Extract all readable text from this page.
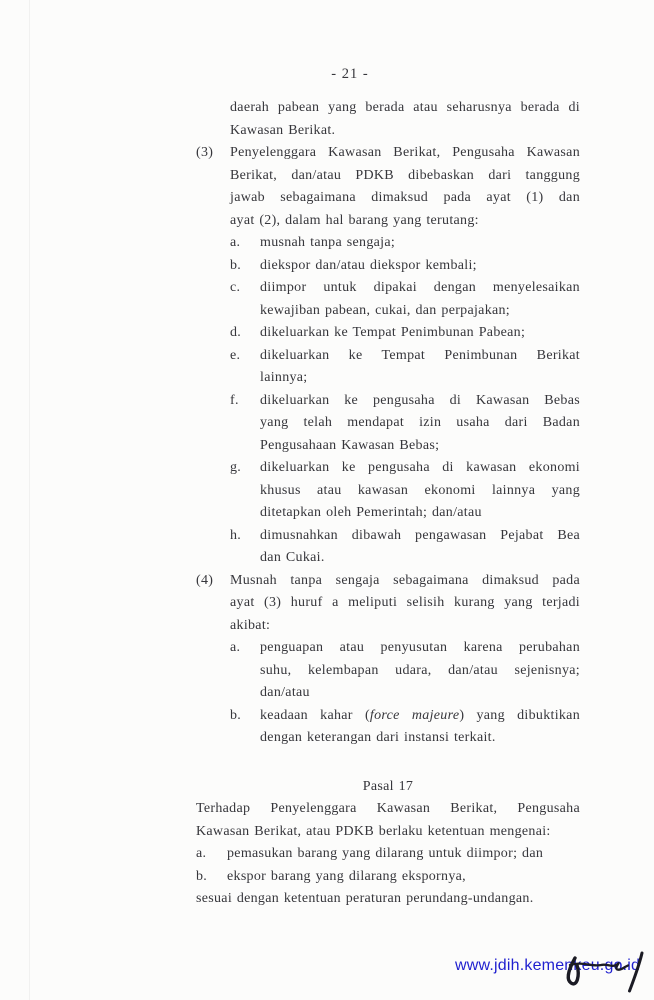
- 21 -
daerah pabean yang berada atau seharusnya berada di
Kawasan Berikat.
(3)	Penyelenggara Kawasan Berikat, Pengusaha Kawasan
Berikat, dan/atau PDKB dibebaskan dari tanggung
jawab sebagaimana dimaksud pada ayat (1) dan
ayat (2), dalam hal barang yang terutang:
a.	musnah tanpa sengaja;
b.	diekspor dan/atau diekspor kembali;
c.	diimpor untuk dipakai dengan menyelesaikan
kewajiban pabean, cukai, dan perpajakan;
d.	dikeluarkan ke Tempat Penimbunan Pabean;
e.	dikeluarkan ke Tempat Penimbunan Berikat
lainnya;
f.	dikeluarkan ke pengusaha di Kawasan Bebas
yang telah mendapat izin usaha dari Badan
Pengusahaan Kawasan Bebas;
g.	dikeluarkan ke pengusaha di kawasan ekonomi
khusus atau kawasan ekonomi lainnya yang
ditetapkan oleh Pemerintah; dan/atau
h.	dimusnahkan dibawah pengawasan Pejabat Bea
dan Cukai.
(4)	Musnah tanpa sengaja sebagaimana dimaksud pada
ayat (3) huruf a meliputi selisih kurang yang terjadi
akibat:
a.	penguapan atau penyusutan karena perubahan
suhu, kelembapan udara, dan/atau sejenisnya;
dan/atau
b.	keadaan kahar (force majeure) yang dibuktikan
dengan keterangan dari instansi terkait.
Pasal 17
Terhadap Penyelenggara Kawasan Berikat, Pengusaha
Kawasan Berikat, atau PDKB berlaku ketentuan mengenai:
a.	pemasukan barang yang dilarang untuk diimpor; dan
b.	ekspor barang yang dilarang ekspornya,
sesuai dengan ketentuan peraturan perundang-undangan.
www.jdih.kemenkeu.go.id
